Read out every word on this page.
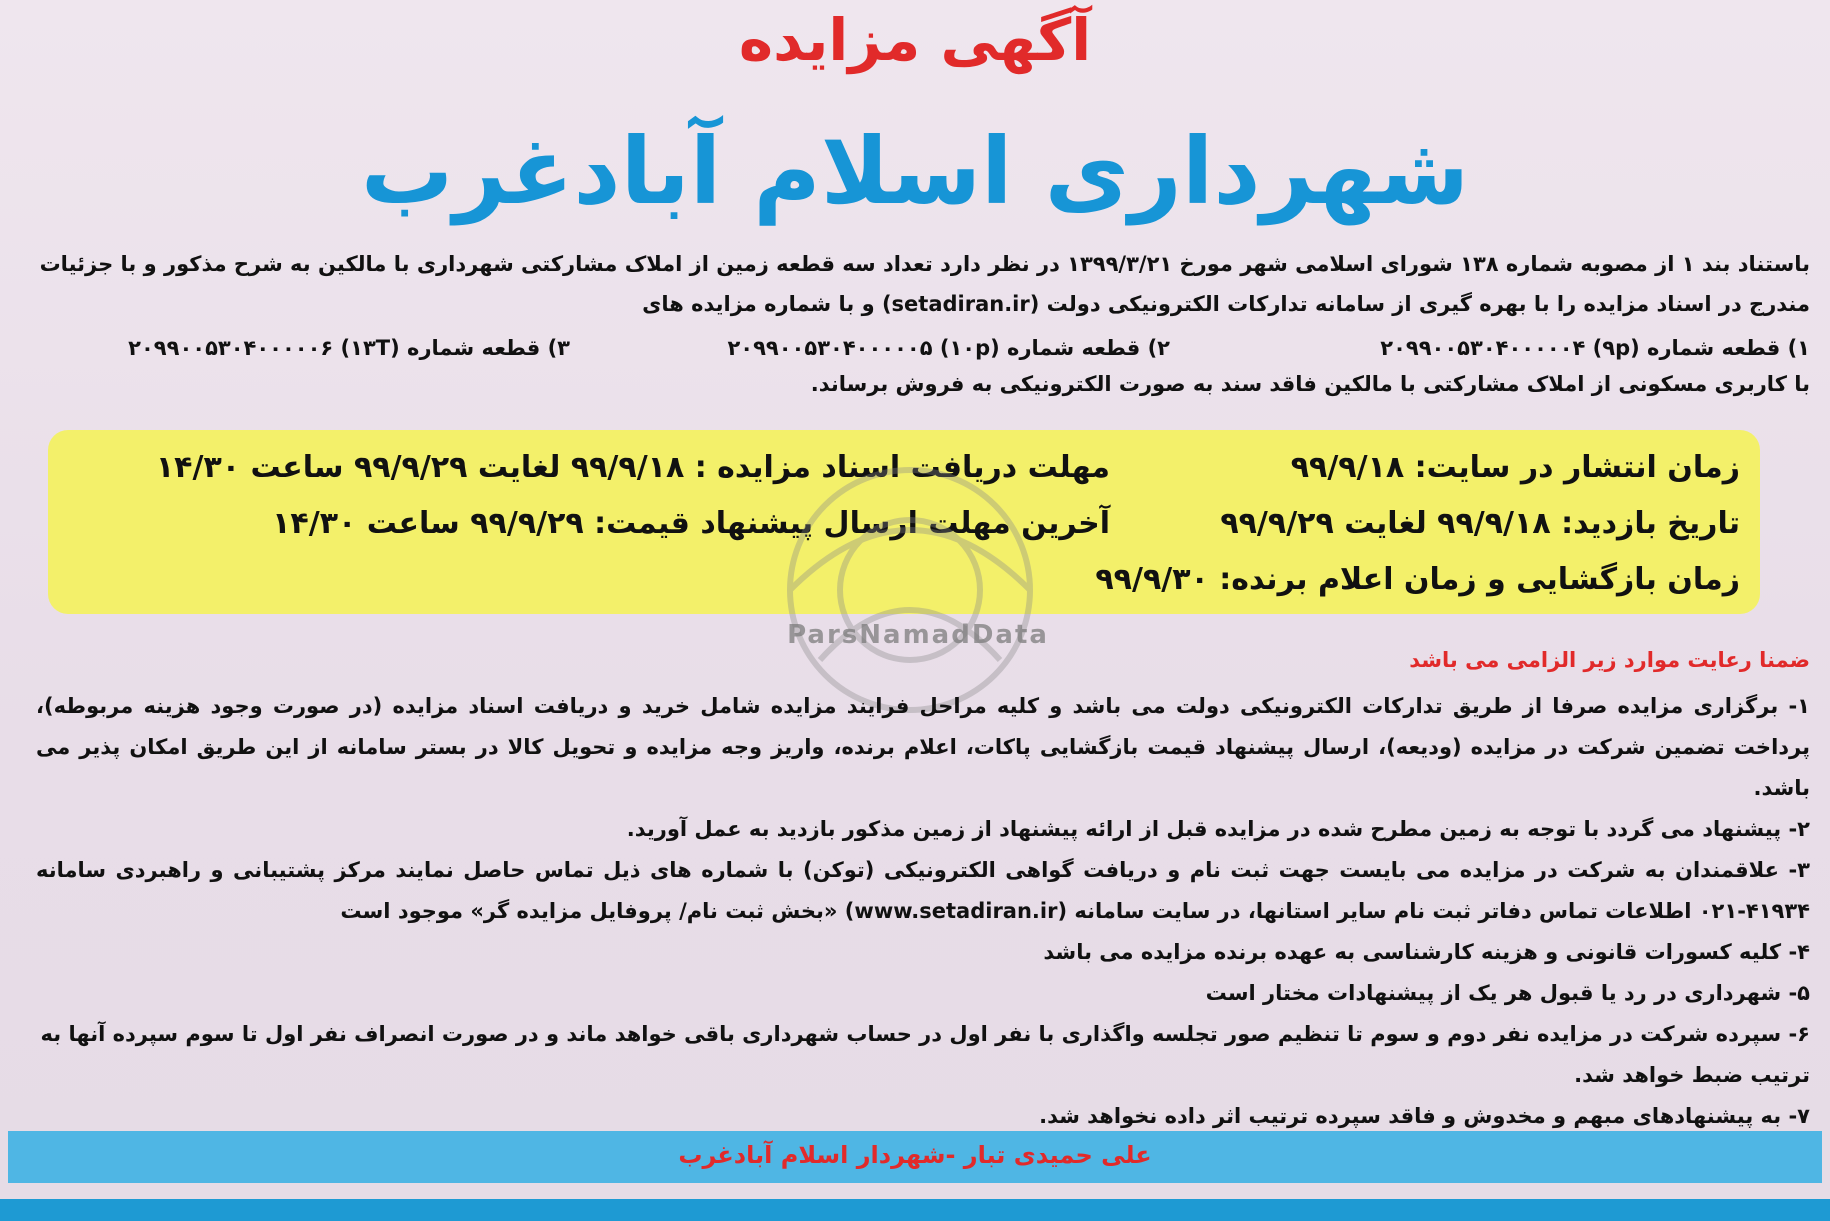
آگهی مزایده
شهرداری اسلام آبادغرب
باستناد بند ۱ از مصوبه شماره ۱۳۸ شورای اسلامی شهر مورخ ۱۳۹۹/۳/۲۱ در نظر دارد تعداد سه قطعه زمین از املاک مشارکتی شهرداری با مالکین به شرح مذکور و با جزئیات مندرج در اسناد مزایده را با بهره گیری از سامانه تدارکات الکترونیکی دولت (setadiran.ir) و با شماره مزایده های
۱) قطعه شماره (۹p) ۲۰۹۹۰۰۵۳۰۴۰۰۰۰۰۴
۲) قطعه شماره (۱۰p) ۲۰۹۹۰۰۵۳۰۴۰۰۰۰۰۵
۳) قطعه شماره (۱۳T) ۲۰۹۹۰۰۵۳۰۴۰۰۰۰۰۶
با کاربری مسکونی از املاک مشارکتی با مالکین فاقد سند به صورت الکترونیکی به فروش برساند.
زمان انتشار در سایت: ۹۹/۹/۱۸
مهلت دریافت اسناد مزایده : ۹۹/۹/۱۸ لغایت ۹۹/۹/۲۹ ساعت ۱۴/۳۰
تاریخ بازدید: ۹۹/۹/۱۸ لغایت ۹۹/۹/۲۹
آخرین مهلت ارسال پیشنهاد قیمت: ۹۹/۹/۲۹ ساعت ۱۴/۳۰
زمان بازگشایی و زمان اعلام برنده: ۹۹/۹/۳۰
ParsNamadData
ضمنا رعایت موارد زیر الزامی می باشد
۱- برگزاری مزایده صرفا از طریق تدارکات الکترونیکی دولت می باشد و کلیه مراحل فرایند مزایده شامل خرید و دریافت اسناد مزایده (در صورت وجود هزینه مربوطه)، پرداخت تضمین شرکت در مزایده (ودیعه)، ارسال پیشنهاد قیمت بازگشایی پاکات، اعلام برنده، واریز وجه مزایده و تحویل کالا در بستر سامانه از این طریق امکان پذیر می باشد.
۲- پیشنهاد می گردد با توجه به زمین مطرح شده در مزایده قبل از ارائه پیشنهاد از زمین مذکور بازدید به عمل آورید.
۳- علاقمندان به شرکت در مزایده می بایست جهت ثبت نام و دریافت گواهی الکترونیکی (توکن) با شماره های ذیل تماس حاصل نمایند مرکز پشتیبانی و راهبردی سامانه ۴۱۹۳۴-۰۲۱ اطلاعات تماس دفاتر ثبت نام سایر استانها، در سایت سامانه (www.setadiran.ir) «بخش ثبت نام/ پروفایل مزایده گر» موجود است
۴- کلیه کسورات قانونی و هزینه کارشناسی به عهده برنده مزایده می باشد
۵- شهرداری در رد یا قبول هر یک از پیشنهادات مختار است
۶- سپرده شرکت در مزایده نفر دوم و سوم تا تنظیم صور تجلسه واگذاری با نفر اول در حساب شهرداری باقی خواهد ماند و در صورت انصراف نفر اول تا سوم سپرده آنها به ترتیب ضبط خواهد شد.
۷- به پیشنهادهای مبهم و مخدوش و فاقد سپرده ترتیب اثر داده نخواهد شد.
علی حمیدی تبار -شهردار اسلام آبادغرب
